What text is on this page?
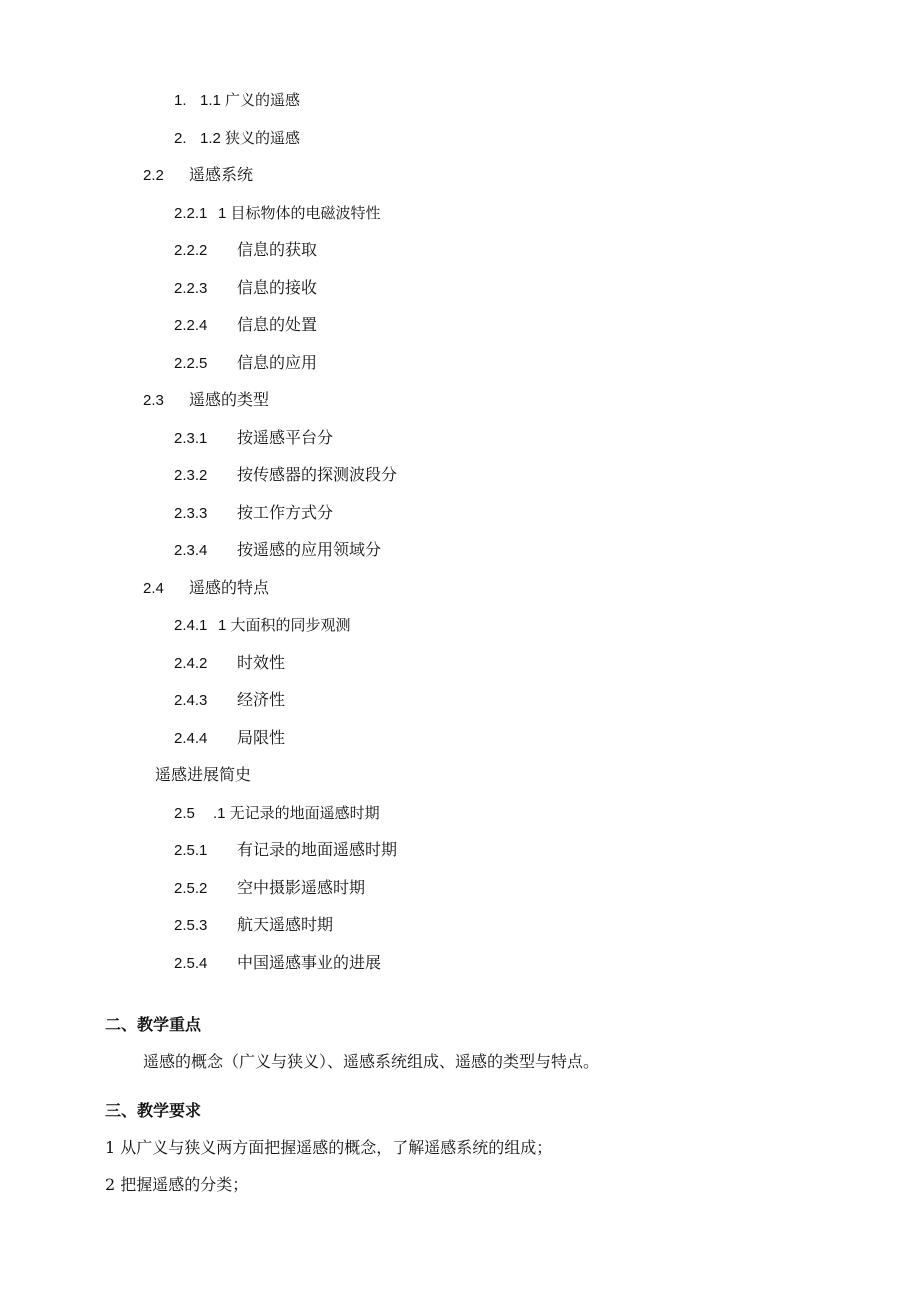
1. 1.1 广义的遥感
2. 1.2 狭义的遥感
2.2 遥感系统
2.2.1 1 目标物体的电磁波特性
2.2.2 信息的获取
2.2.3 信息的接收
2.2.4 信息的处置
2.2.5 信息的应用
2.3 遥感的类型
2.3.1 按遥感平台分
2.3.2 按传感器的探测波段分
2.3.3 按工作方式分
2.3.4 按遥感的应用领域分
2.4 遥感的特点
2.4.1 1 大面积的同步观测
2.4.2 时效性
2.4.3 经济性
2.4.4 局限性
遥感进展简史
2.5 .1 无记录的地面遥感时期
2.5.1 有记录的地面遥感时期
2.5.2 空中摄影遥感时期
2.5.3 航天遥感时期
2.5.4 中国遥感事业的进展
二、教学重点
遥感的概念（广义与狭义）、遥感系统组成、遥感的类型与特点。
三、教学要求
1 从广义与狭义两方面把握遥感的概念，了解遥感系统的组成；
2 把握遥感的分类；
